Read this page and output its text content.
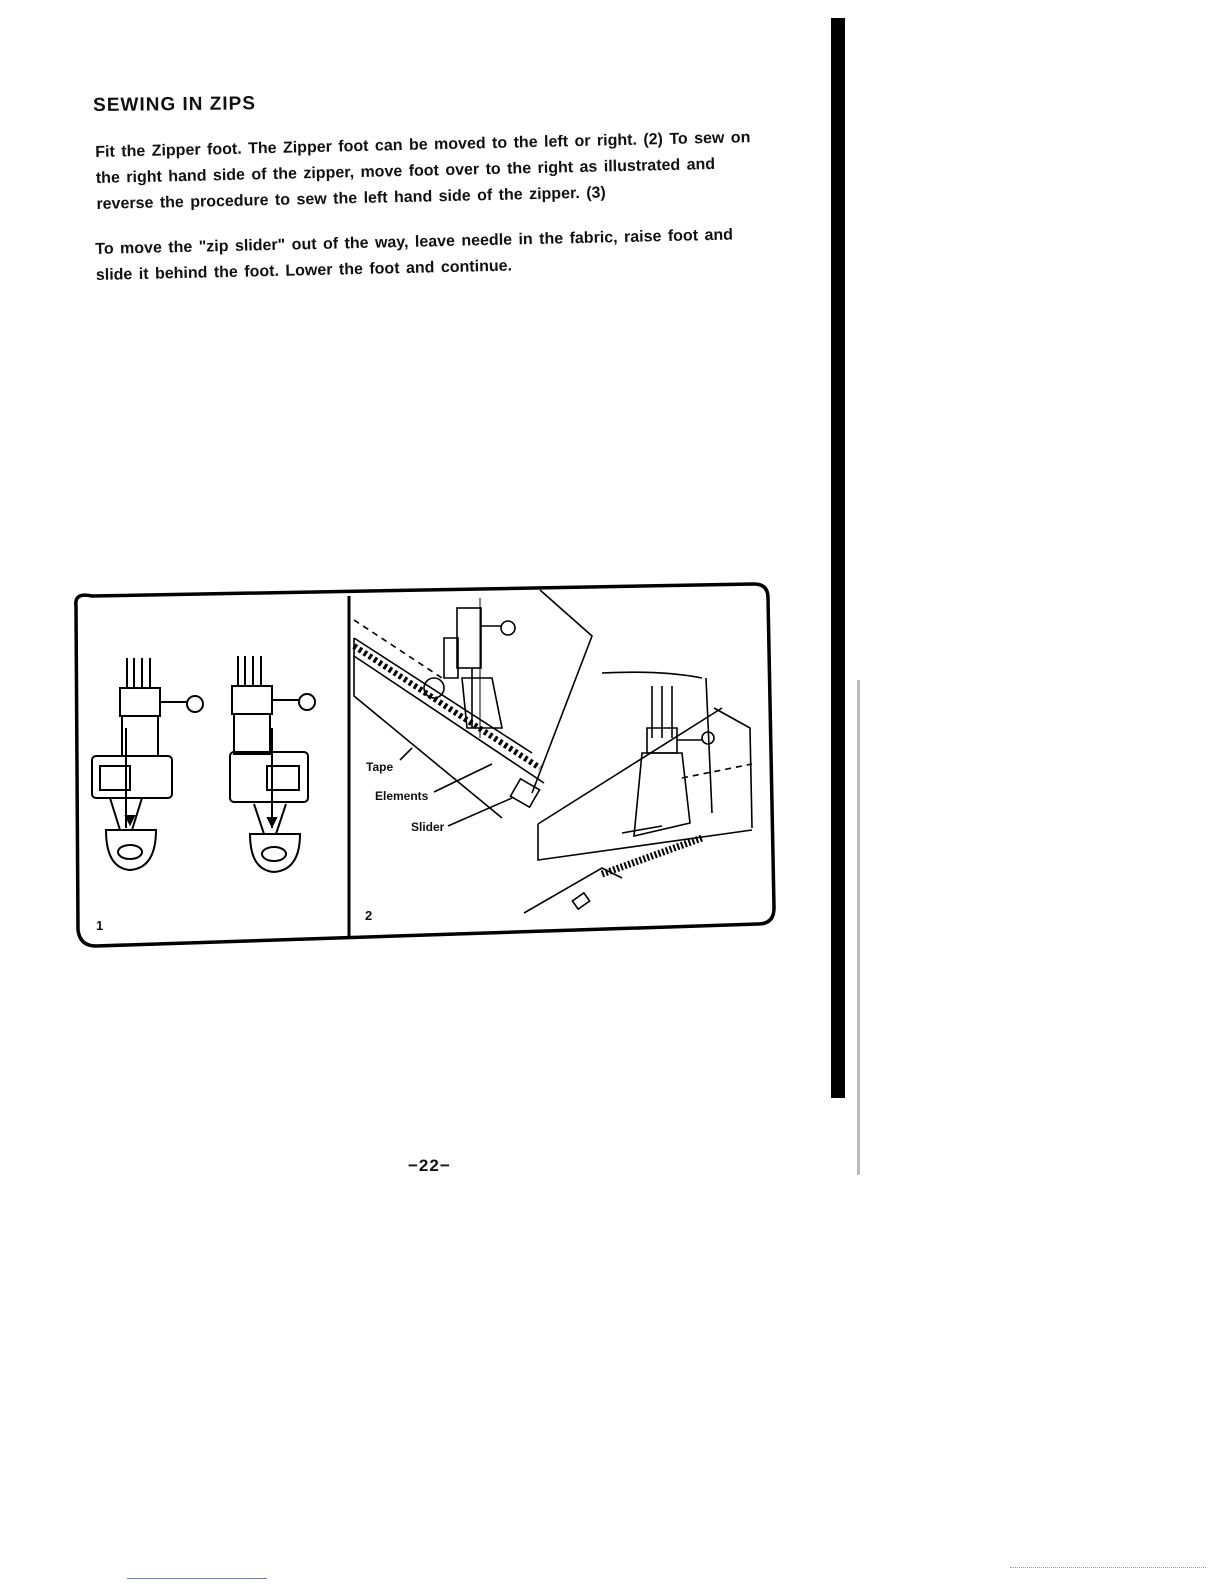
SEWING IN ZIPS

Fit the Zipper foot. The Zipper foot can be moved to the left or right. (2) To sew on the right hand side of the zipper, move foot over to the right as illustrated and reverse the procedure to sew the left hand side of the zipper. (3)

To move the "zip slider" out of the way, leave needle in the fabric, raise foot and slide it behind the foot. Lower the foot and continue.

1
2
Tape
Elements
Slider
−22−
